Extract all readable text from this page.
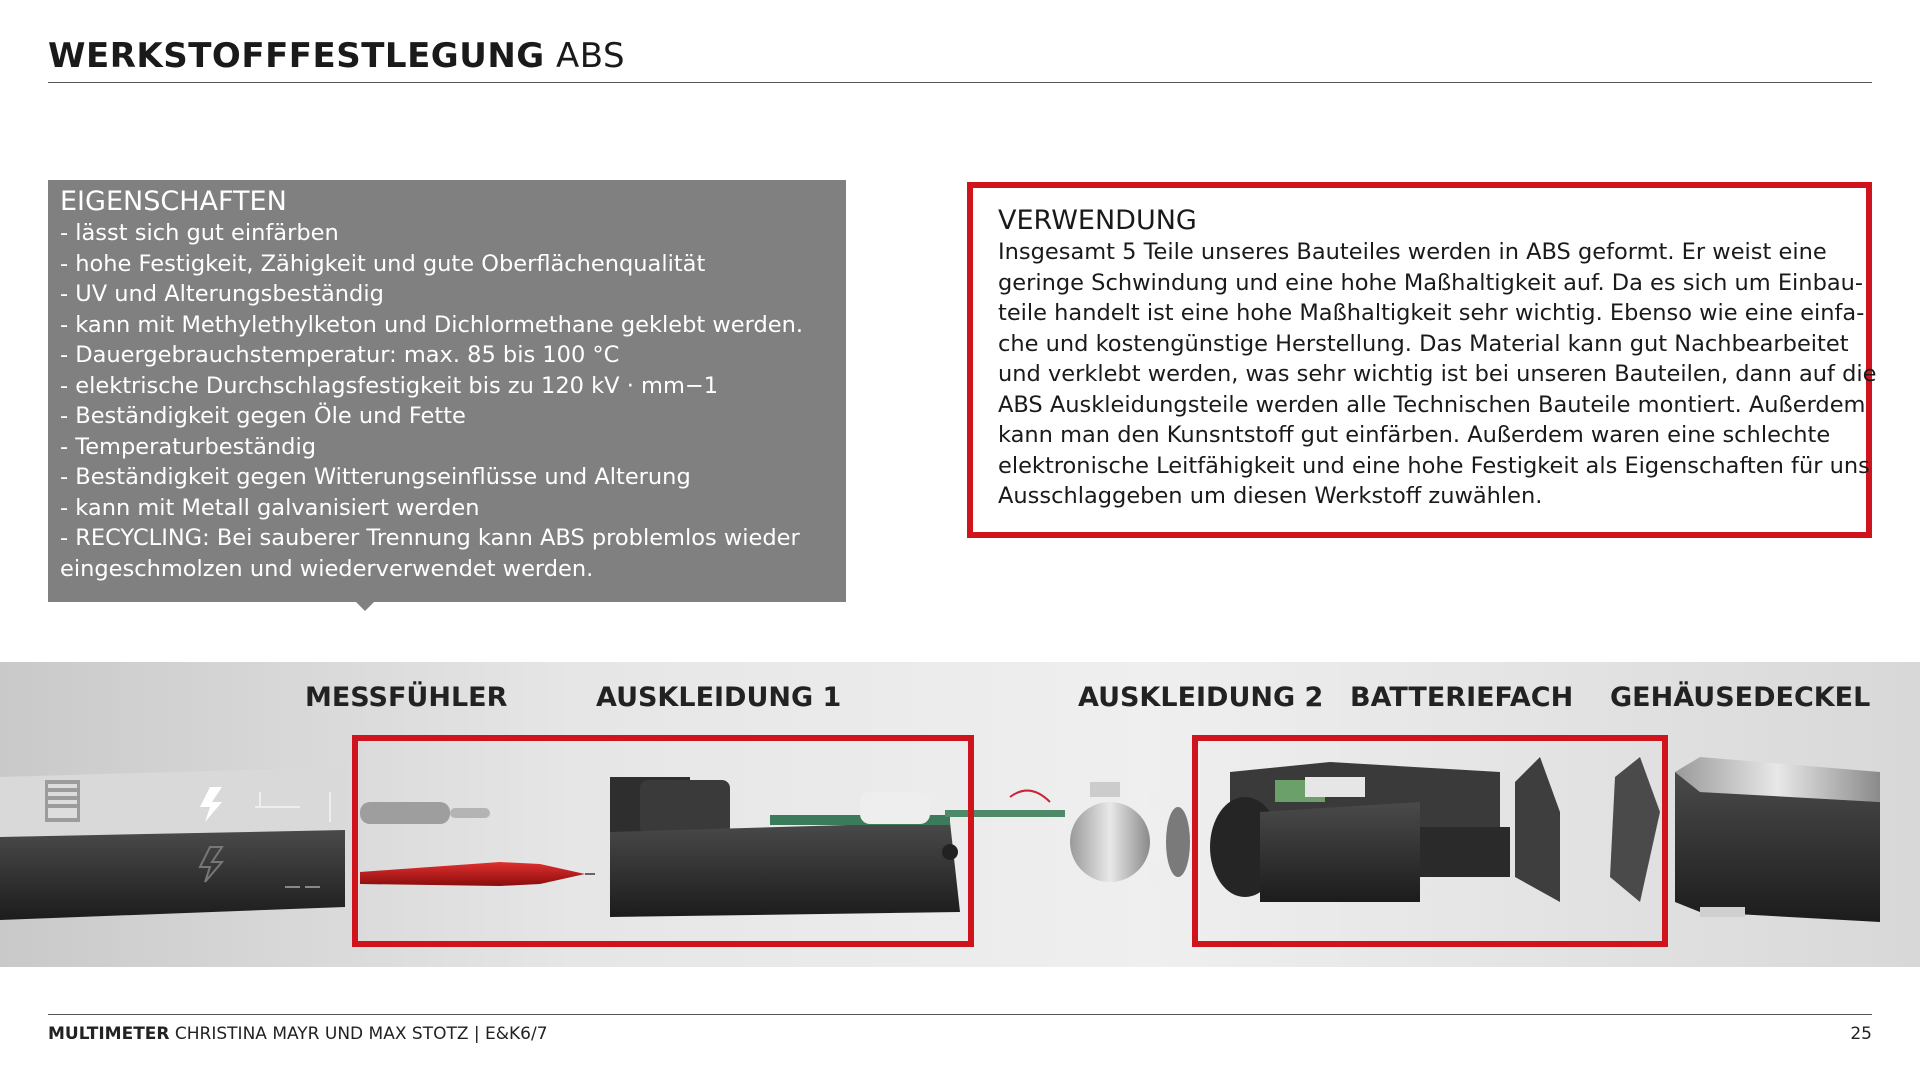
WERKSTOFFFESTLEGUNG ABS
EIGENSCHAFTEN
- lässt sich gut einfärben
- hohe Festigkeit, Zähigkeit und gute Oberflächenqualität
- UV und Alterungsbeständig
- kann mit Methylethylketon und Dichlormethane geklebt werden.
- Dauergebrauchstemperatur: max. 85 bis 100 °C
- elektrische Durchschlagsfestigkeit bis zu 120 kV · mm−1
- Beständigkeit gegen Öle und Fette
- Temperaturbeständig
- Beständigkeit gegen Witterungseinflüsse und Alterung
- kann mit Metall galvanisiert werden
- RECYCLING: Bei sauberer Trennung kann ABS problemlos wieder
eingeschmolzen und wiederverwendet werden.
VERWENDUNG
Insgesamt 5 Teile unseres Bauteiles werden in ABS geformt. Er weist eine
geringe Schwindung und eine hohe Maßhaltigkeit auf. Da es sich um Einbau-
teile handelt ist eine hohe Maßhaltigkeit sehr wichtig. Ebenso wie eine einfa-
che und kostengünstige Herstellung. Das Material kann gut Nachbearbeitet
und verklebt werden, was sehr wichtig ist bei unseren Bauteilen, dann auf die
ABS Auskleidungsteile werden alle Technischen Bauteile montiert. Außerdem
kann man den Kunsntstoff gut einfärben. Außerdem waren eine schlechte
elektronische Leitfähigkeit und eine hohe Festigkeit als Eigenschaften für uns
Ausschlaggeben um diesen Werkstoff zuwählen.
MESSFÜHLER	AUSKLEIDUNG 1	AUSKLEIDUNG 2 BATTERIEFACH GEHÄUSEDECKEL
MULTIMETER CHRISTINA MAYR UND MAX STOTZ | E&K6/7	25
